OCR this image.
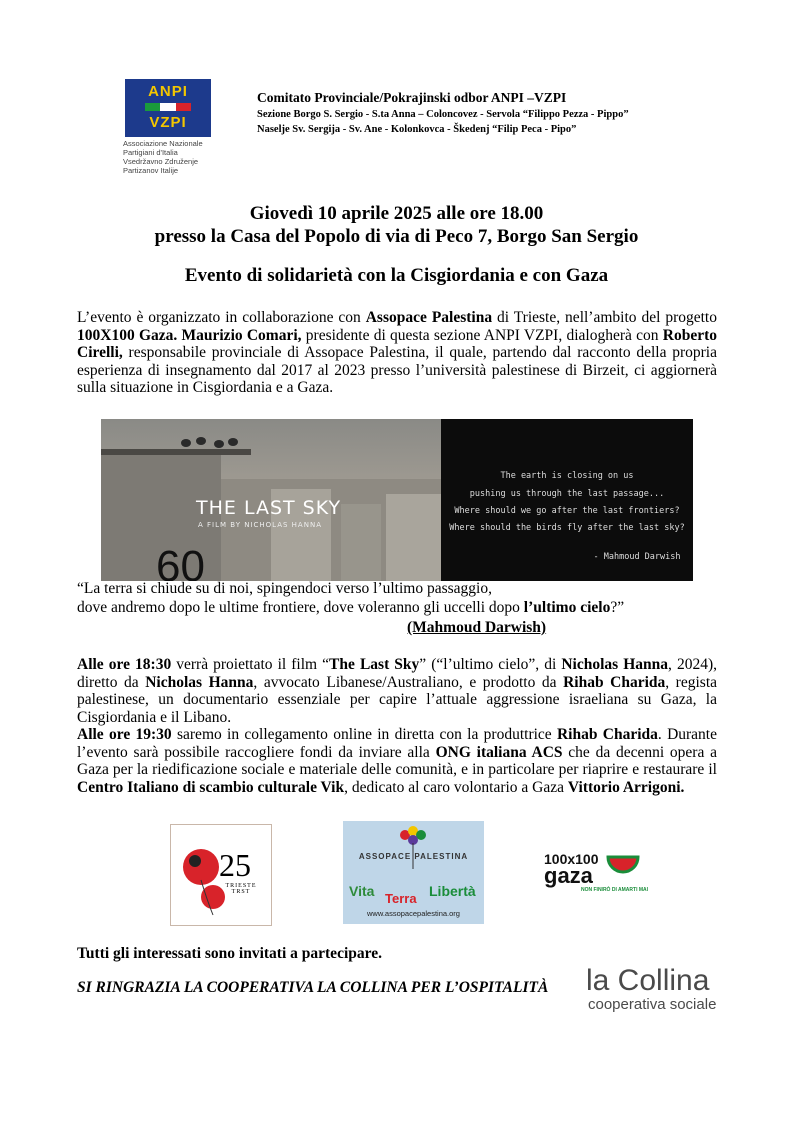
ANPI
VZPI
Associazione Nazionale
Partigiani d'Italia
Vsedržavno Združenje
Partizanov Italije
Comitato Provinciale/Pokrajinski odbor ANPI –VZPI
Sezione Borgo S. Sergio - S.ta Anna – Coloncovez - Servola “Filippo Pezza - Pippo”
Naselje Sv. Sergija - Sv. Ane - Kolonkovca - Škedenj “Filip Peca - Pipo”
Giovedì 10 aprile 2025 alle ore 18.00
presso la Casa del Popolo di via di Peco 7, Borgo San Sergio
Evento di solidarietà con la Cisgiordania e con Gaza

L’evento è organizzato in collaborazione con Assopace Palestina di Trieste, nell’ambito del progetto 100X100 Gaza. Maurizio Comari, presidente di questa sezione ANPI VZPI, dialogherà con Roberto Cirelli, responsabile provinciale di Assopace Palestina, il quale, partendo dal racconto della propria esperienza di insegnamento dal 2017 al 2023 presso l’università palestinese di Birzeit, ci aggiornerà sulla situazione in Cisgiordania e a Gaza.

60
THE LAST SKY
A FILM BY NICHOLAS HANNA
The earth is closing on us
pushing us through the last passage...
Where should we go after the last frontiers?
Where should the birds fly after the last sky?
- Mahmoud Darwish
“La terra si chiude su di noi, spingendoci verso l’ultimo passaggio,
dove andremo dopo le ultime frontiere, dove voleranno gli uccelli dopo l’ultimo cielo?”
(Mahmoud Darwish)

Alle ore 18:30 verrà proiettato il film “The Last Sky” (“l’ultimo cielo”, di Nicholas Hanna, 2024), diretto da Nicholas Hanna, avvocato Libanese/Australiano, e prodotto da Rihab Charida, regista palestinese, un documentario essenziale per capire l’attuale aggressione israeliana su Gaza, la Cisgiordania e il Libano.
Alle ore 19:30 saremo in collegamento online in diretta con la produttrice Rihab Charida. Durante l’evento sarà possibile raccogliere fondi da inviare alla ONG italiana ACS che da decenni opera a Gaza per la riedificazione sociale e materiale delle comunità, e in particolare per riaprire e restaurare il Centro Italiano di scambio culturale Vik, dedicato al caro volontario a Gaza Vittorio Arrigoni.

25
TRIESTE TRST
ASSOPACE PALESTINA
Vita Terra Libertà
www.assopacepalestina.org
100x100
gaza
NON FINIRÒ DI AMARTI MAI
Tutti gli interessati sono invitati a partecipare.
SI RINGRAZIA LA COOPERATIVA LA COLLINA PER L’OSPITALITÀ la Collina
cooperativa sociale
